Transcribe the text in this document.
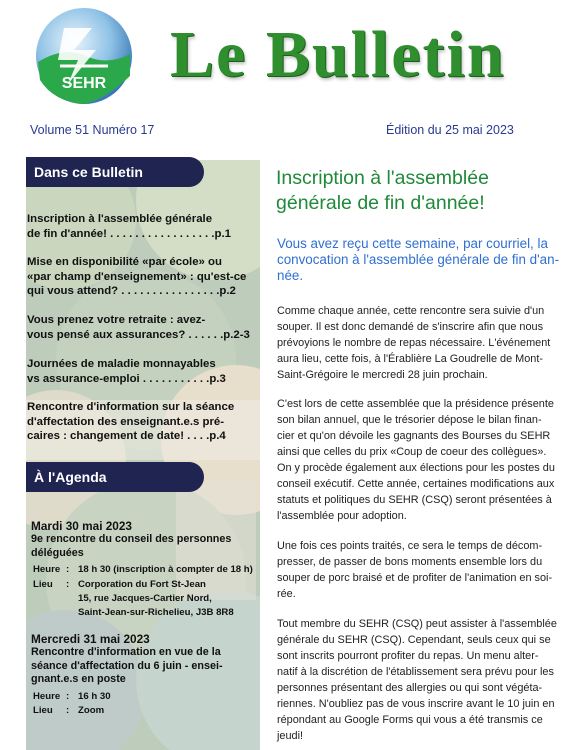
SEHR Le Bulletin
Volume 51 Numéro 17	Édition du 25 mai 2023
Dans ce Bulletin
Inscription à l'assemblée générale
de fin d'année! . . . . . . . . . . . . . . . . .p.1
Mise en disponibilité «par école» ou
«par champ d'enseignement» : qu'est-ce
qui vous attend? . . . . . . . . . . . . . . . .p.2
Vous prenez votre retraite : avez-
vous pensé aux assurances? . . . . . .p.2-3
Journées de maladie monnayables
vs assurance-emploi . . . . . . . . . . .p.3
Rencontre d'information sur la séance
d'affectation des enseignant.e.s pré-
caires : changement de date! . . . .p.4
À l'Agenda
Mardi 30 mai 2023
9e rencontre du conseil des personnes
déléguées
Heure : 18 h 30 (inscription à compter de 18 h)
Lieu : Corporation du Fort St-Jean
15, rue Jacques-Cartier Nord,
Saint-Jean-sur-Richelieu, J3B 8R8
Mercredi 31 mai 2023
Rencontre d'information en vue de la
séance d'affectation du 6 juin - ensei-
gnant.e.s en poste
Heure : 16 h 30
Lieu : Zoom
Inscription à l'assemblée
générale de fin d'année!
Vous avez reçu cette semaine, par courriel, la
convocation à l'assemblée générale de fin d'an-
née.
Comme chaque année, cette rencontre sera suivie d'un
souper. Il est donc demandé de s'inscrire afin que nous
prévoyions le nombre de repas nécessaire. L'événement
aura lieu, cette fois, à l'Érablière La Goudrelle de Mont-
Saint-Grégoire le mercredi 28 juin prochain.
C'est lors de cette assemblée que la présidence présente
son bilan annuel, que le trésorier dépose le bilan finan-
cier et qu'on dévoile les gagnants des Bourses du SEHR
ainsi que celles du prix «Coup de coeur des collègues».
On y procède également aux élections pour les postes du
conseil exécutif. Cette année, certaines modifications aux
statuts et politiques du SEHR (CSQ) seront présentées à
l'assemblée pour adoption.
Une fois ces points traités, ce sera le temps de décom-
presser, de passer de bons moments ensemble lors du
souper de porc braisé et de profiter de l'animation en soi-
rée.
Tout membre du SEHR (CSQ) peut assister à l'assemblée
générale du SEHR (CSQ). Cependant, seuls ceux qui se
sont inscrits pourront profiter du repas. Un menu alter-
natif à la discrétion de l'établissement sera prévu pour les
personnes présentant des allergies ou qui sont végéta-
riennes. N'oubliez pas de vous inscrire avant le 10 juin en
répondant au Google Forms qui vous a été transmis ce
jeudi!
